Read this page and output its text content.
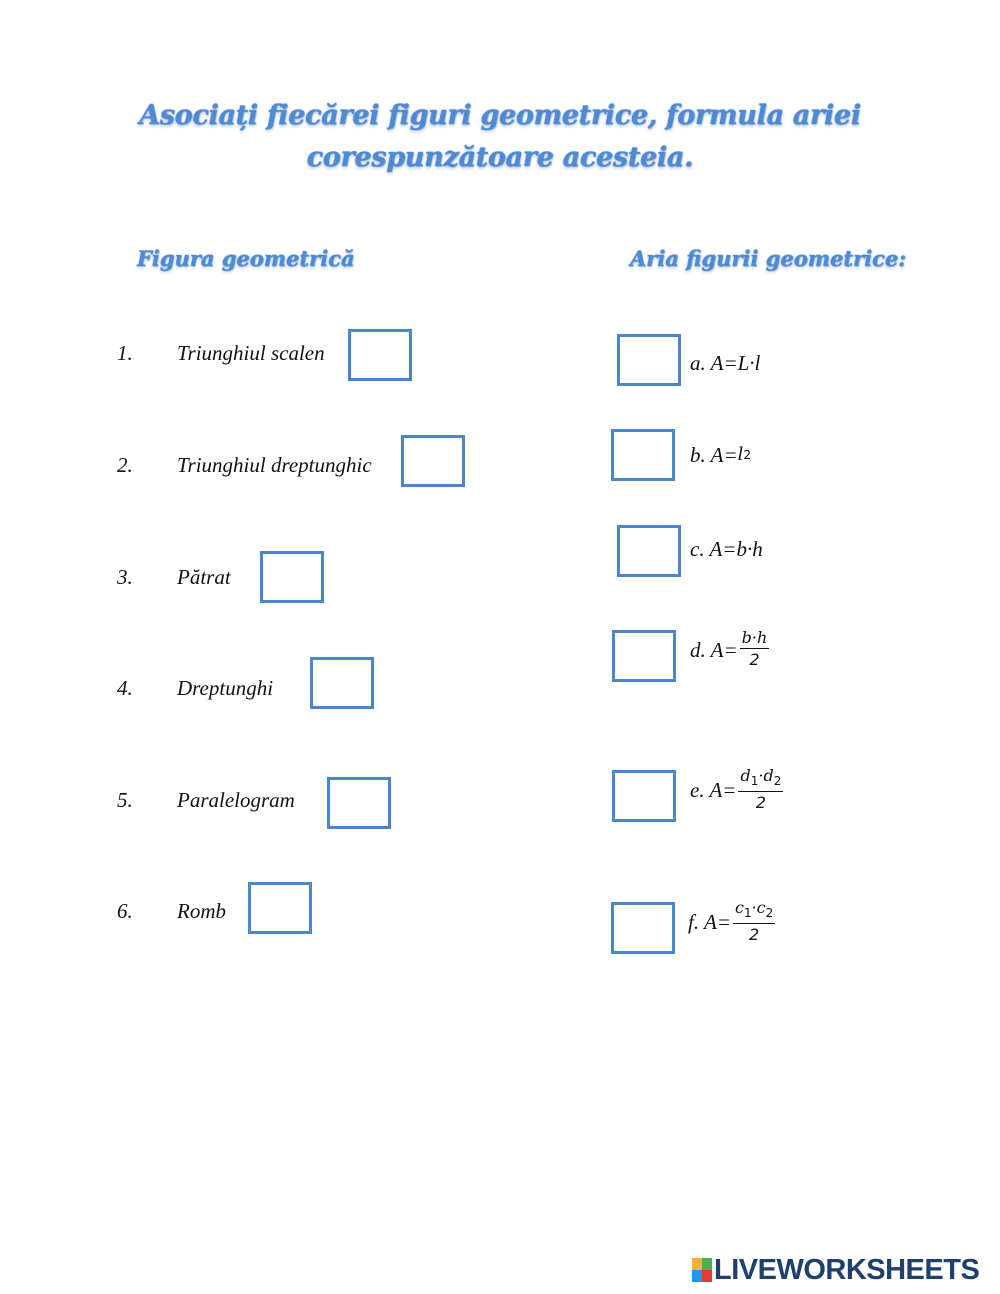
Asociați fiecărei figuri geometrice, formula ariei
corespunzătoare acesteia.
Figura geometrică	Aria figurii geometrice:
1. Triunghiul scalen
2. Triunghiul dreptunghic
3. Pătrat
4. Dreptunghi
5. Paralelogram
6. Romb
a. A= L·l
b. A= l 2
c. A= b·h
d. $A= \frac{b\cdot h}{2}$
e. $A= \frac{d_1\cdot d_2}{2}$
f. $A= \frac{c_1\cdot c_2}{2}$
LIVEWORKSHEETS
